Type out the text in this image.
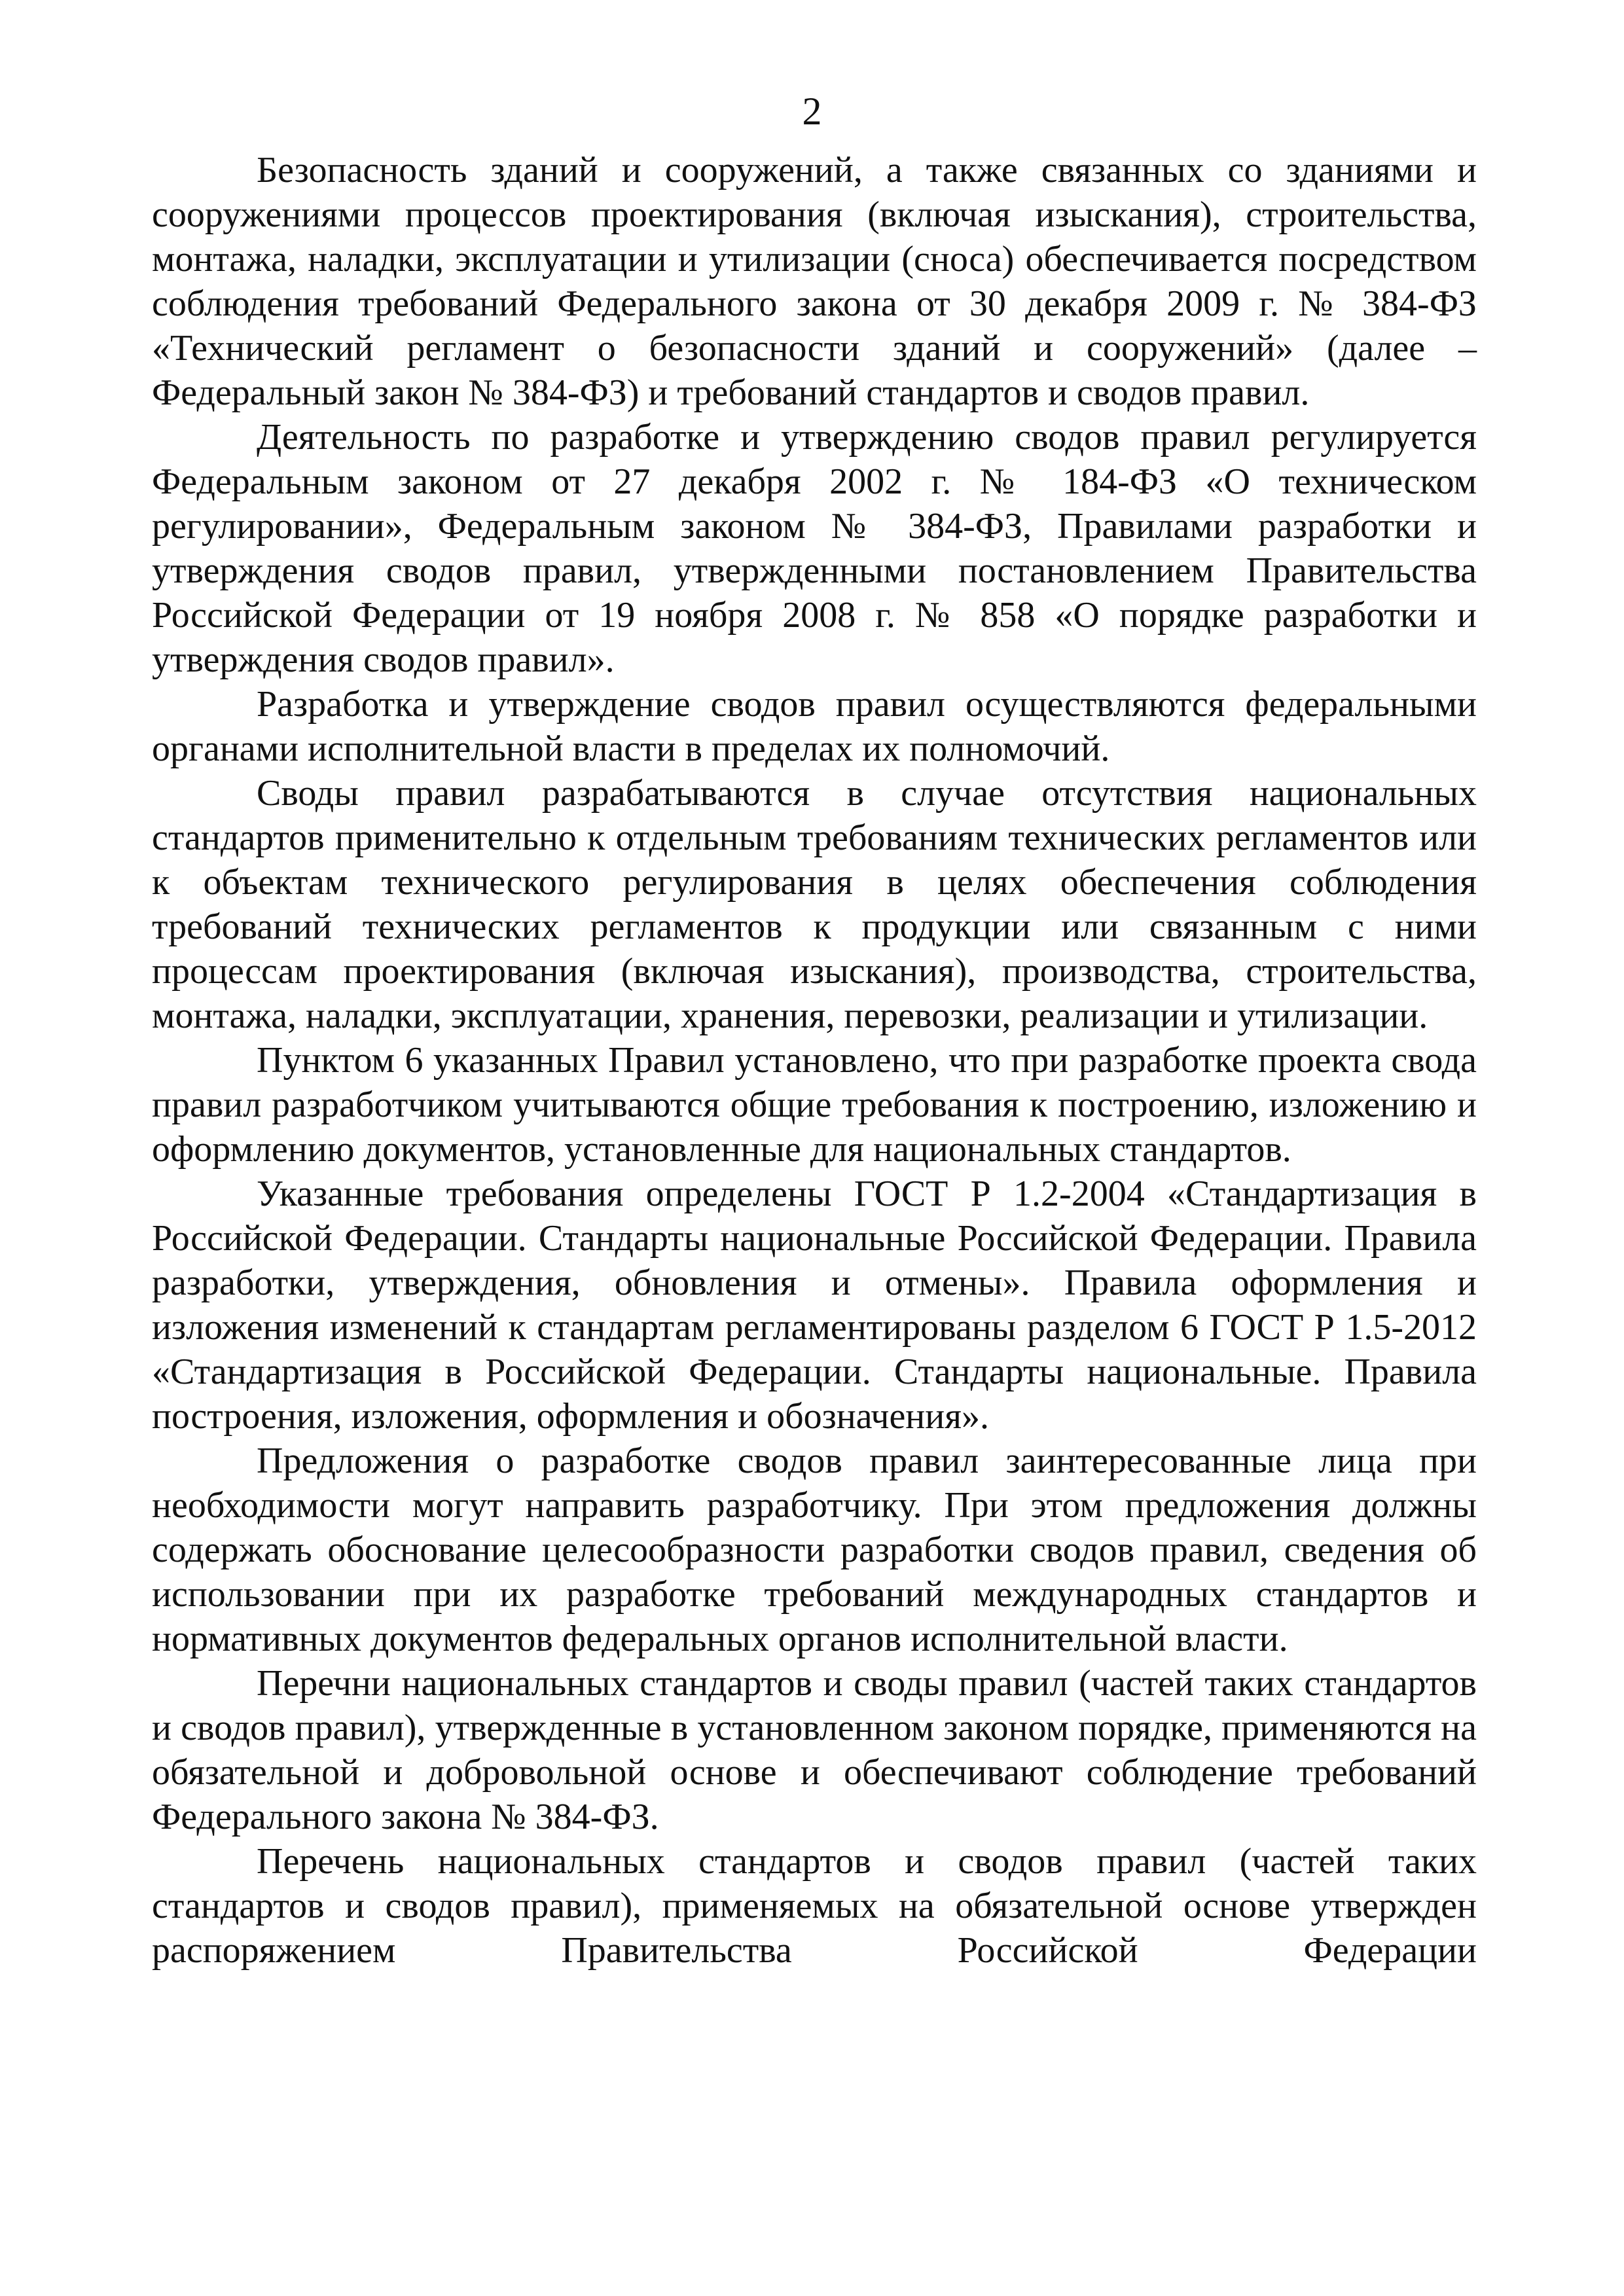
2

Безопасность зданий и сооружений, а также связанных со зданиями и сооружениями процессов проектирования (включая изыскания), строительства, монтажа, наладки, эксплуатации и утилизации (сноса) обеспечивается посредством соблюдения требований Федерального закона от 30 декабря 2009 г. № 384-ФЗ «Технический регламент о безопасности зданий и сооружений» (далее – Федеральный закон № 384-ФЗ) и требований стандартов и сводов правил.

Деятельность по разработке и утверждению сводов правил регулируется Федеральным законом от 27 декабря 2002 г. № 184-ФЗ «О техническом регулировании», Федеральным законом № 384-ФЗ, Правилами разработки и утверждения сводов правил, утвержденными постановлением Правительства Российской Федерации от 19 ноября 2008 г. № 858 «О порядке разработки и утверждения сводов правил».

Разработка и утверждение сводов правил осуществляются федеральными органами исполнительной власти в пределах их полномочий.

Своды правил разрабатываются в случае отсутствия национальных стандартов применительно к отдельным требованиям технических регламентов или к объектам технического регулирования в целях обеспечения соблюдения требований технических регламентов к продукции или связанным с ними процессам проектирования (включая изыскания), производства, строительства, монтажа, наладки, эксплуатации, хранения, перевозки, реализации и утилизации.

Пунктом 6 указанных Правил установлено, что при разработке проекта свода правил разработчиком учитываются общие требования к построению, изложению и оформлению документов, установленные для национальных стандартов.

Указанные требования определены ГОСТ Р 1.2-2004 «Стандартизация в Российской Федерации. Стандарты национальные Российской Федерации. Правила разработки, утверждения, обновления и отмены». Правила оформления и изложения изменений к стандартам регламентированы разделом 6 ГОСТ Р 1.5-2012 «Стандартизация в Российской Федерации. Стандарты национальные. Правила построения, изложения, оформления и обозначения».

Предложения о разработке сводов правил заинтересованные лица при необходимости могут направить разработчику. При этом предложения должны содержать обоснование целесообразности разработки сводов правил, сведения об использовании при их разработке требований международных стандартов и нормативных документов федеральных органов исполнительной власти.

Перечни национальных стандартов и своды правил (частей таких стандартов и сводов правил), утвержденные в установленном законом порядке, применяются на обязательной и добровольной основе и обеспечивают соблюдение требований Федерального закона № 384-ФЗ.

Перечень национальных стандартов и сводов правил (частей таких стандартов и сводов правил), применяемых на обязательной основе утвержден распоряжением Правительства Российской Федерации
